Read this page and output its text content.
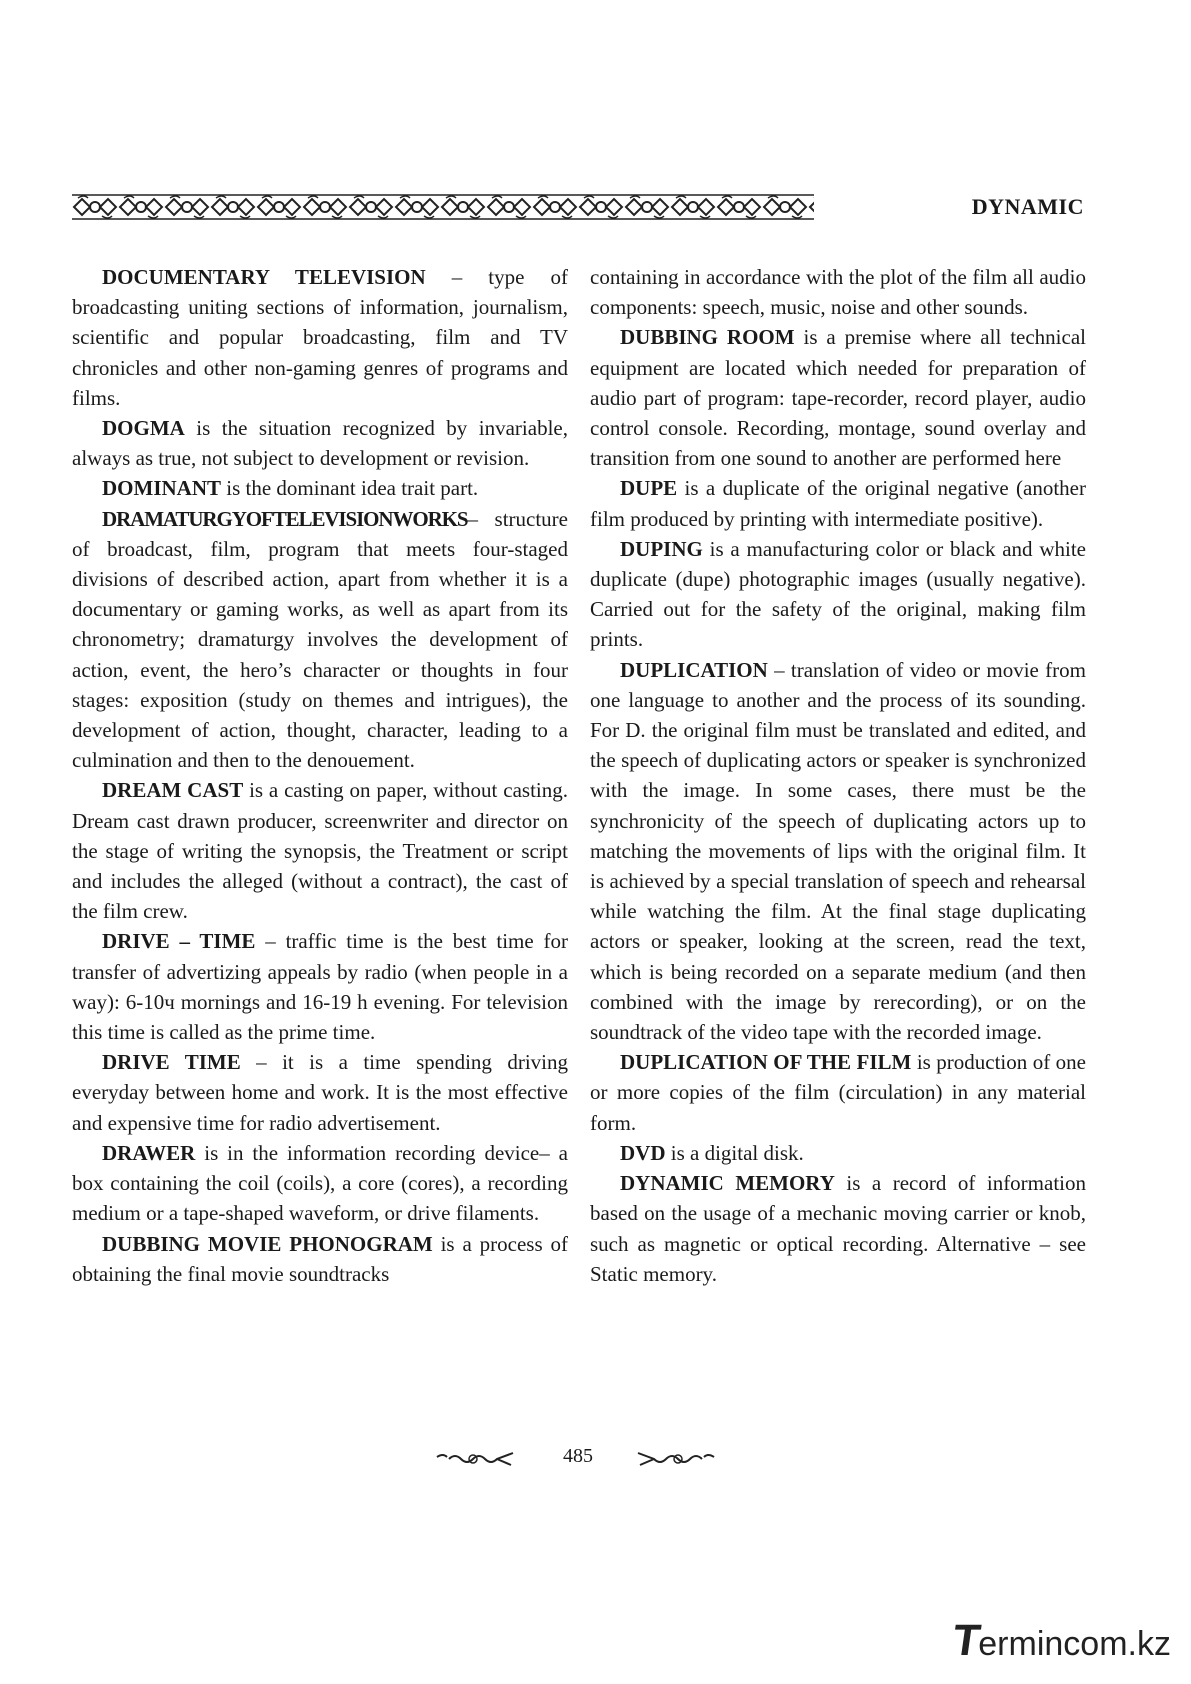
DYNAMIC

DOCUMENTARY TELEVISION – type of broadcasting uniting sections of information, journalism, scientific and popular broadcasting, film and TV chronicles and other non-gaming genres of programs and films.

DOGMA is the situation recognized by invariable, always as true, not subject to development or revision.

DOMINANT is the dominant idea trait part.

DRAMATURGYOFTELEVISIONWORKS– structure of broadcast, film, program that meets four-staged divisions of described action, apart from whether it is a documentary or gaming works, as well as apart from its chronometry; dramaturgy involves the development of action, event, the hero’s character or thoughts in four stages: exposition (study on themes and intrigues), the development of action, thought, character, leading to a culmination and then to the denouement.

DREAM CAST is a casting on paper, without casting. Dream cast drawn producer, screenwriter and director on the stage of writing the synopsis, the Treatment or script and includes the alleged (without a contract), the cast of the film crew.

DRIVE – TIME – traffic time is the best time for transfer of advertizing appeals by radio (when people in a way): 6-10ч mornings and 16-19 h evening. For television this time is called as the prime time.

DRIVE TIME – it is a time spending driving everyday between home and work. It is the most effective and expensive time for radio advertisement.

DRAWER is in the information recording device– a box containing the coil (coils), a core (cores), a recording medium or a tape-shaped waveform, or drive filaments.

DUBBING MOVIE PHONOGRAM is a process of obtaining the final movie soundtracks

containing in accordance with the plot of the film all audio components: speech, music, noise and other sounds.

DUBBING ROOM is a premise where all technical equipment are located which needed for preparation of audio part of program: tape-recorder, record player, audio control console. Recording, montage, sound overlay and transition from one sound to another are performed here

DUPE is a duplicate of the original negative (another film produced by printing with intermediate positive).

DUPING is a manufacturing color or black and white duplicate (dupe) photographic images (usually negative). Carried out for the safety of the original, making film prints.

DUPLICATION – translation of video or movie from one language to another and the process of its sounding. For D. the original film must be translated and edited, and the speech of duplicating actors or speaker is synchronized with the image. In some cases, there must be the synchronicity of the speech of duplicating actors up to matching the movements of lips with the original film. It is achieved by a special translation of speech and rehearsal while watching the film. At the final stage duplicating actors or speaker, looking at the screen, read the text, which is being recorded on a separate medium (and then combined with the image by rerecording), or on the soundtrack of the video tape with the recorded image.

DUPLICATION OF THE FILM is production of one or more copies of the film (circulation) in any material form.

DVD is a digital disk.

DYNAMIC MEMORY is a record of information based on the usage of a mechanic moving carrier or knob, such as magnetic or optical recording. Alternative – see Static memory.

485
Termincom.kz
